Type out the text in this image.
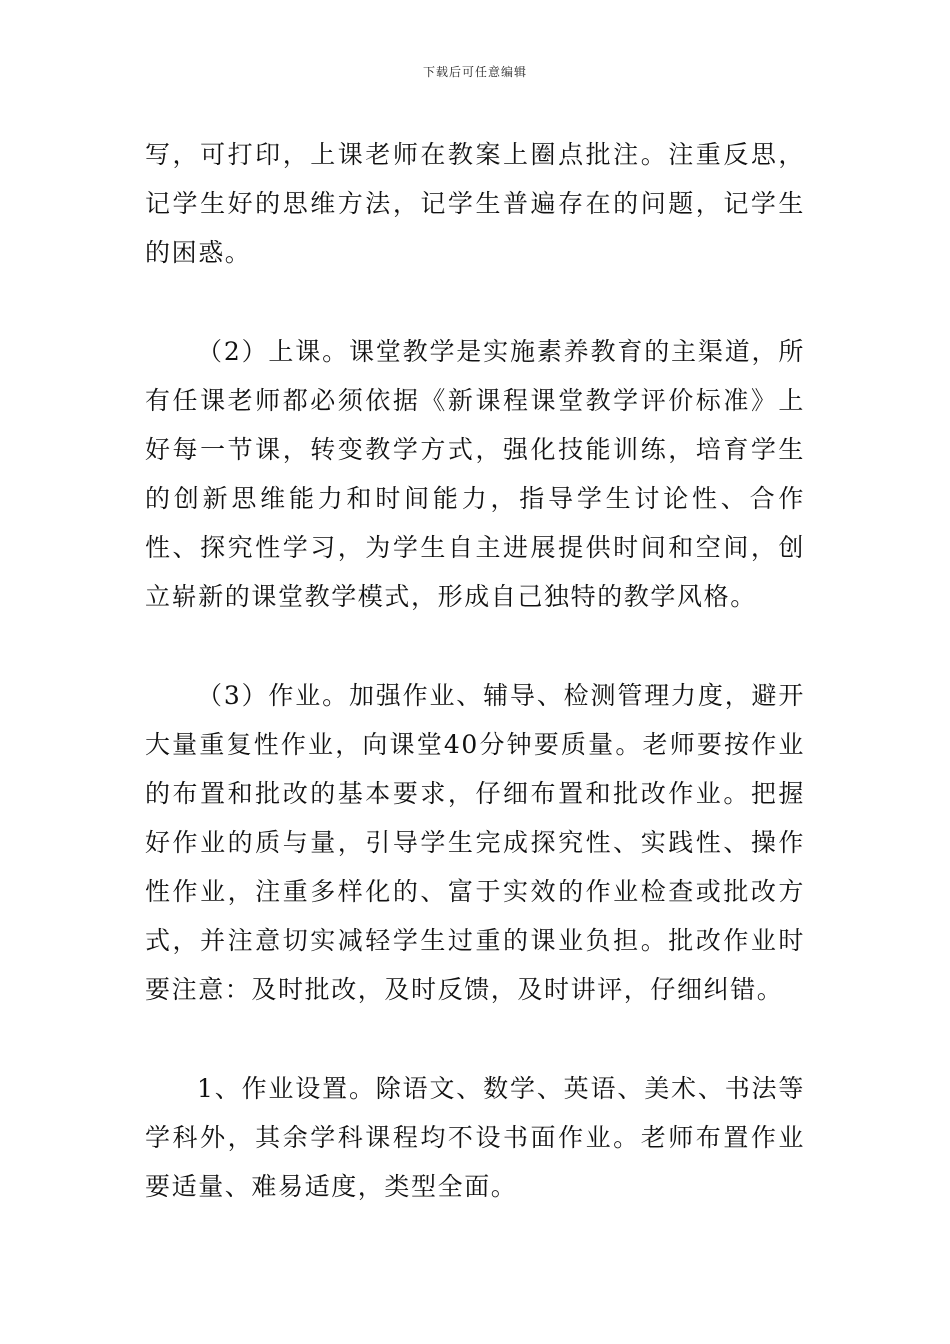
下载后可任意编辑

写，可打印，上课老师在教案上圈点批注。注重反思，记学生好的思维方法，记学生普遍存在的问题，记学生的困惑。

（2）上课。课堂教学是实施素养教育的主渠道，所有任课老师都必须依据《新课程课堂教学评价标准》上好每一节课，转变教学方式，强化技能训练，培育学生的创新思维能力和时间能力，指导学生讨论性、合作性、探究性学习，为学生自主进展提供时间和空间，创立崭新的课堂教学模式，形成自己独特的教学风格。

（3）作业。加强作业、辅导、检测管理力度，避开大量重复性作业，向课堂40分钟要质量。老师要按作业的布置和批改的基本要求，仔细布置和批改作业。把握好作业的质与量，引导学生完成探究性、实践性、操作性作业，注重多样化的、富于实效的作业检查或批改方式，并注意切实减轻学生过重的课业负担。批改作业时要注意：及时批改，及时反馈，及时讲评，仔细纠错。

1、作业设置。除语文、数学、英语、美术、书法等学科外，其余学科课程均不设书面作业。老师布置作业要适量、难易适度，类型全面。
